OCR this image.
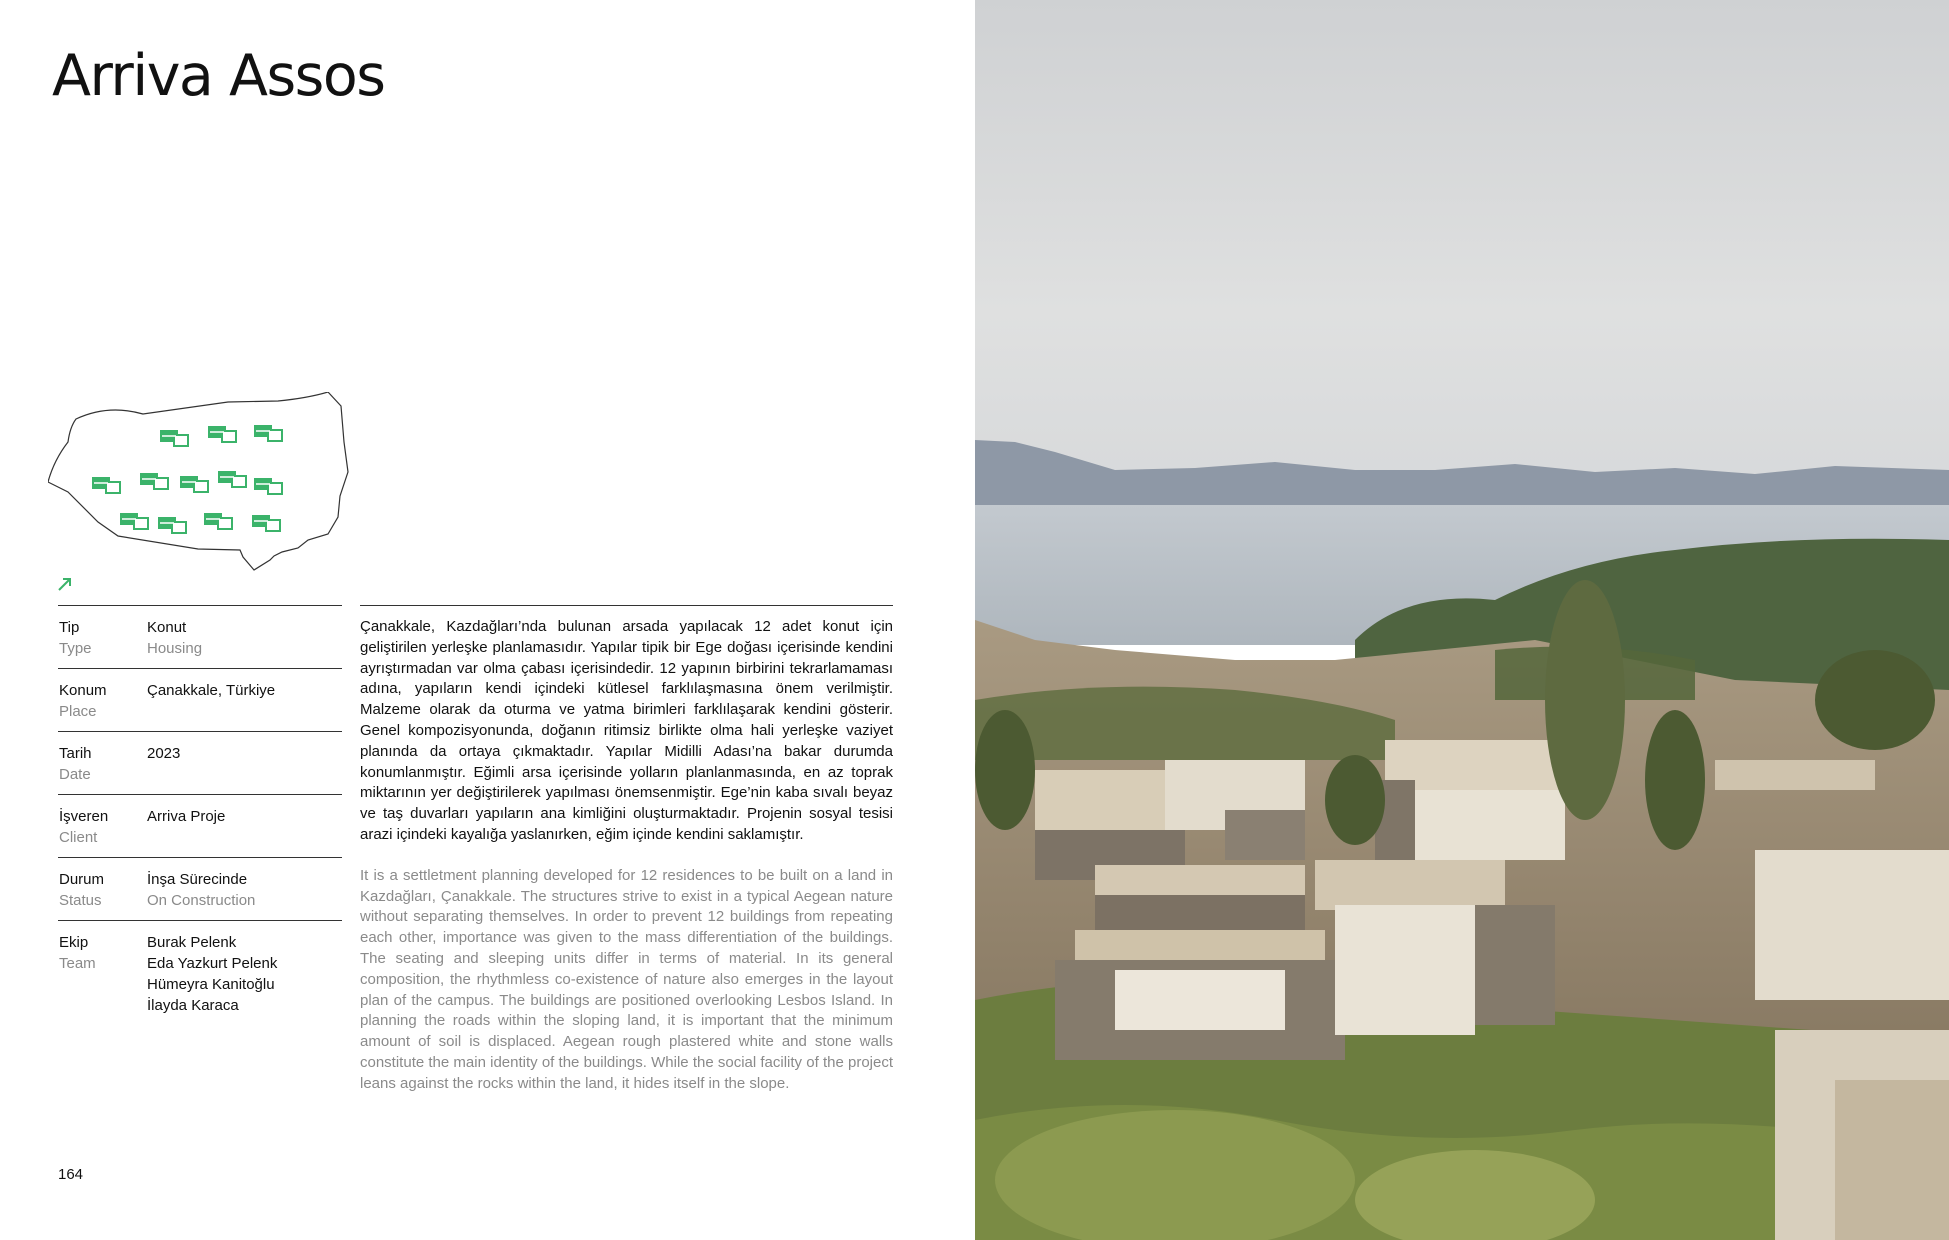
Arriva Assos
Tip
Type
Konut
Housing
Konum
Place
Çanakkale, Türkiye
Tarih
Date
2023
İşveren
Client
Arriva Proje
Durum
Status
İnşa Sürecinde
On Construction
Ekip
Team
Burak Pelenk
Eda Yazkurt Pelenk
Hümeyra Kanitoğlu
İlayda Karaca

Çanakkale, Kazdağları’nda bulunan arsada yapılacak 12 adet konut için geliştirilen yerleşke planlamasıdır. Yapılar tipik bir Ege doğası içerisinde kendini ayrıştırmadan var olma çabası içerisindedir. 12 yapının birbirini tekrarlamaması adına, yapıların kendi içindeki kütlesel farklılaşmasına önem verilmiştir. Malzeme olarak da oturma ve yatma birimleri farklılaşarak kendini gösterir. Genel kompozisyonunda, doğanın ritimsiz birlikte olma hali yerleşke vaziyet planında da ortaya çıkmaktadır. Yapılar Midilli Adası’na bakar durumda konumlanmıştır. Eğimli arsa içerisinde yolların planlanmasında, en az toprak miktarının yer değiştirilerek yapılması önemsenmiştir. Ege’nin kaba sıvalı beyaz ve taş duvarları yapıların ana kimliğini oluşturmaktadır. Projenin sosyal tesisi arazi içindeki kayalığa yaslanırken, eğim içinde kendini saklamıştır.

It is a settletment planning developed for 12 residences to be built on a land in Kazdağları, Çanakkale. The structures strive to exist in a typical Aegean nature without separating themselves. In order to prevent 12 buildings from repeating each other, importance was given to the mass differentiation of the buildings. The seating and sleeping units differ in terms of material. In its general composition, the rhythmless co-existence of nature also emerges in the layout plan of the campus. The buildings are positioned overlooking Lesbos Island. In planning the roads within the sloping land, it is important that the minimum amount of soil is displaced. Aegean rough plastered white and stone walls constitute the main identity of the buildings. While the social facility of the project leans against the rocks within the land, it hides itself in the slope.

164
